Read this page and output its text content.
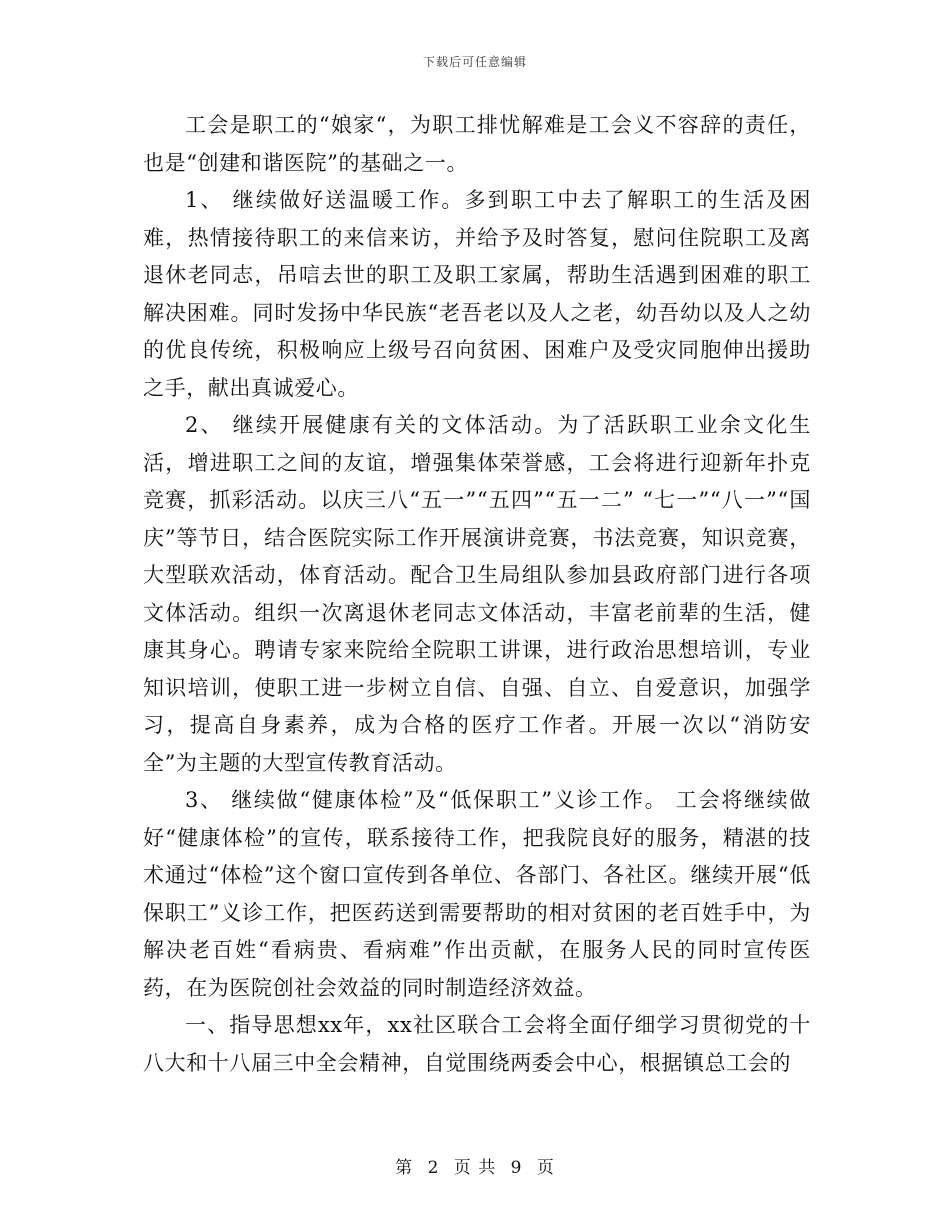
下载后可任意编辑

工会是职工的“娘家“，为职工排忧解难是工会义不容辞的责任，也是“创建和谐医院”的基础之一。

1、 继续做好送温暖工作。多到职工中去了解职工的生活及困难，热情接待职工的来信来访，并给予及时答复，慰问住院职工及离退休老同志，吊唁去世的职工及职工家属，帮助生活遇到困难的职工解决困难。同时发扬中华民族“老吾老以及人之老，幼吾幼以及人之幼的优良传统，积极响应上级号召向贫困、困难户及受灾同胞伸出援助之手，献出真诚爱心。

2、 继续开展健康有关的文体活动。为了活跃职工业余文化生活，增进职工之间的友谊，增强集体荣誉感，工会将进行迎新年扑克竞赛，抓彩活动。以庆三八“五一”“五四”“五一二” “七一”“八一”“国庆”等节日，结合医院实际工作开展演讲竞赛，书法竞赛，知识竞赛，大型联欢活动，体育活动。配合卫生局组队参加县政府部门进行各项文体活动。组织一次离退休老同志文体活动，丰富老前辈的生活，健康其身心。聘请专家来院给全院职工讲课，进行政治思想培训，专业知识培训，使职工进一步树立自信、自强、自立、自爱意识，加强学习，提高自身素养，成为合格的医疗工作者。开展一次以“消防安全”为主题的大型宣传教育活动。

3、 继续做“健康体检”及“低保职工”义诊工作。 工会将继续做好“健康体检”的宣传，联系接待工作，把我院良好的服务，精湛的技术通过“体检”这个窗口宣传到各单位、各部门、各社区。继续开展“低保职工”义诊工作，把医药送到需要帮助的相对贫困的老百姓手中，为解决老百姓“看病贵、看病难”作出贡献，在服务人民的同时宣传医药，在为医院创社会效益的同时制造经济效益。

一、指导思想xx年，xx社区联合工会将全面仔细学习贯彻党的十八大和十八届三中全会精神，自觉围绕两委会中心，根据镇总工会的

第 2 页 共 9 页
